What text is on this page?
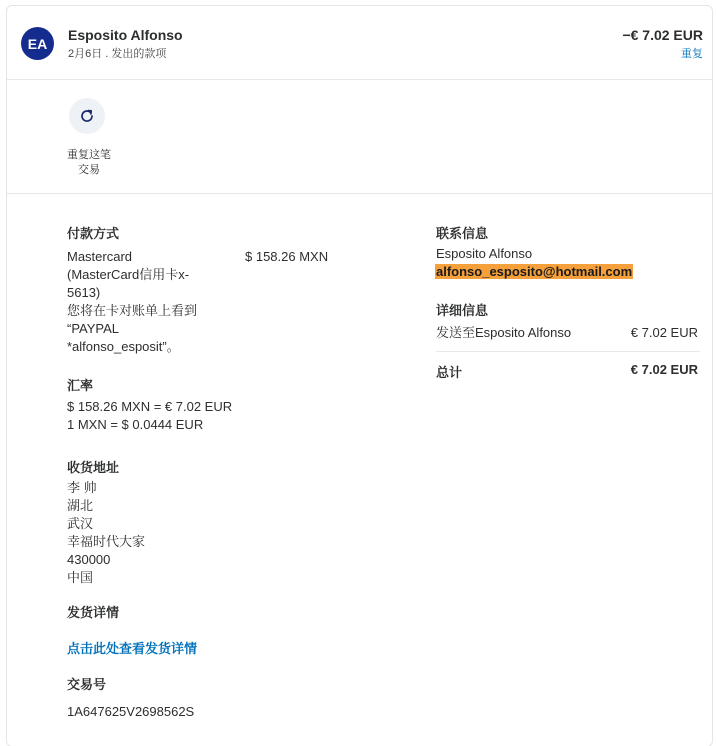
EA
Esposito Alfonso
2月6日 . 发出的款项
−€ 7.02 EUR
重复
重复这笔
交易
付款方式
Mastercard
(MasterCard信用卡x-
5613)
您将在卡对账单上看到
“PAYPAL
*alfonso_esposit”。
$ 158.26 MXN
汇率
$ 158.26 MXN = € 7.02 EUR
1 MXN = $ 0.0444 EUR
收货地址
李 帅
湖北
武汉
幸福时代大家
430000
中国
发货详情
点击此处查看发货详情
交易号
1A647625V2698562S
联系信息
Esposito Alfonso
alfonso_esposito@hotmail.com
详细信息
发送至Esposito Alfonso	€ 7.02 EUR
总计	€ 7.02 EUR
